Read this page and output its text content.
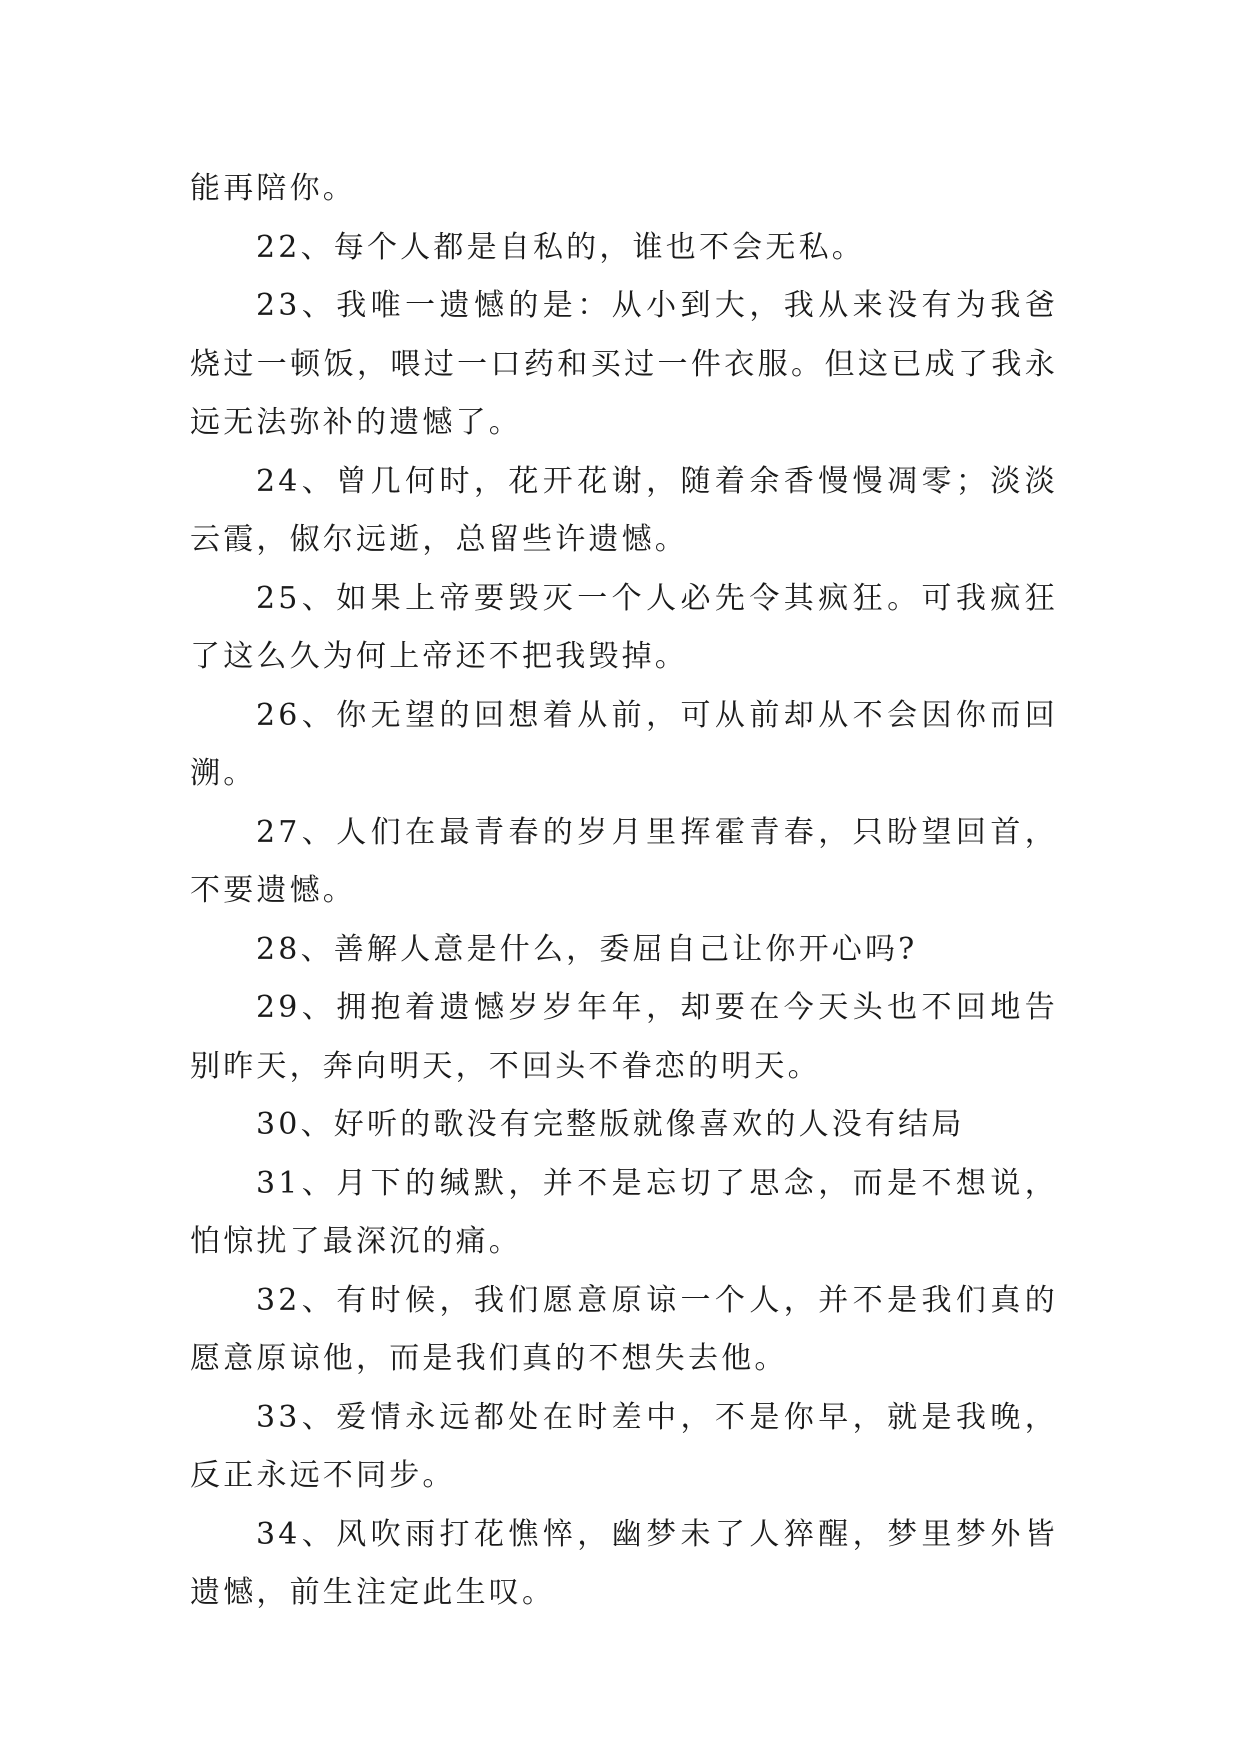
能再陪你。

22、每个人都是自私的，谁也不会无私。

23、我唯一遗憾的是：从小到大，我从来没有为我爸烧过一顿饭，喂过一口药和买过一件衣服。但这已成了我永远无法弥补的遗憾了。

24、曾几何时，花开花谢，随着余香慢慢凋零；淡淡云霞，俶尔远逝，总留些许遗憾。

25、如果上帝要毁灭一个人必先令其疯狂。可我疯狂了这么久为何上帝还不把我毁掉。

26、你无望的回想着从前，可从前却从不会因你而回溯。

27、人们在最青春的岁月里挥霍青春，只盼望回首，不要遗憾。

28、善解人意是什么，委屈自己让你开心吗?

29、拥抱着遗憾岁岁年年，却要在今天头也不回地告别昨天，奔向明天，不回头不眷恋的明天。

30、好听的歌没有完整版就像喜欢的人没有结局

31、月下的缄默，并不是忘切了思念，而是不想说，怕惊扰了最深沉的痛。

32、有时候，我们愿意原谅一个人，并不是我们真的愿意原谅他，而是我们真的不想失去他。

33、爱情永远都处在时差中，不是你早，就是我晚，反正永远不同步。

34、风吹雨打花憔悴，幽梦未了人猝醒，梦里梦外皆遗憾，前生注定此生叹。
